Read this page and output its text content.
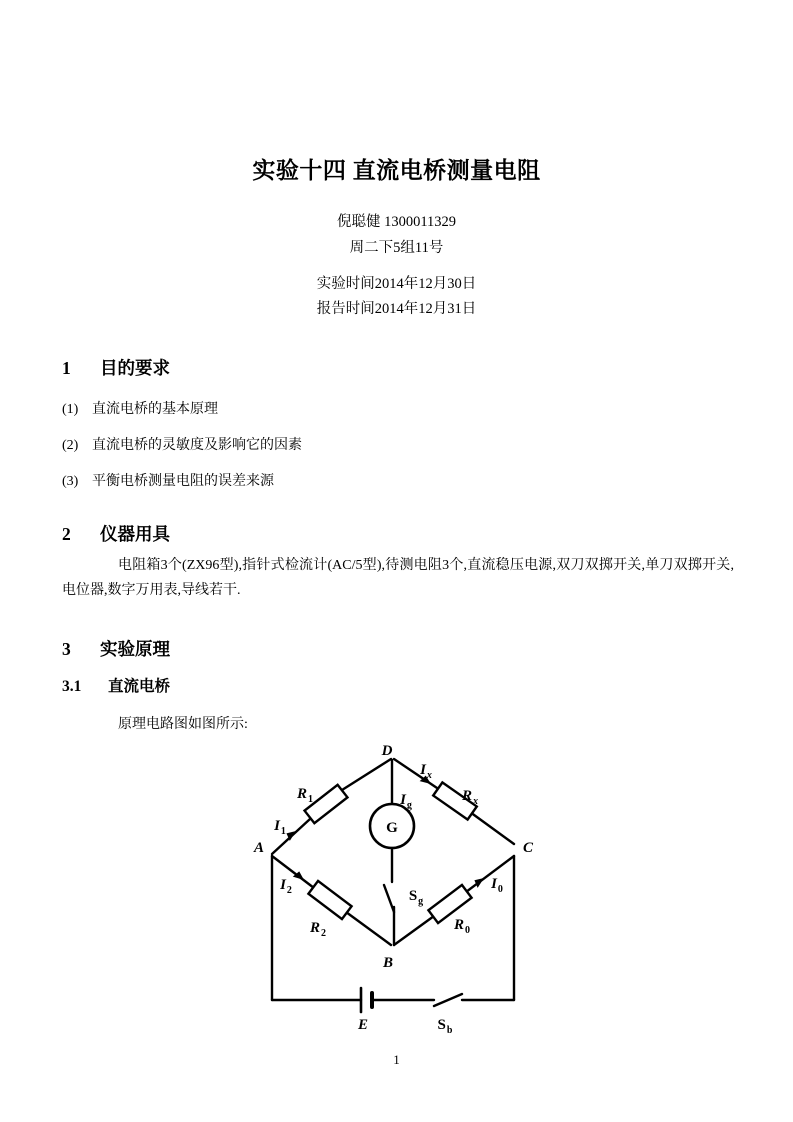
实验十四 直流电桥测量电阻
倪聪健 1300011329
周二下5组11号
实验时间2014年12月30日
报告时间2014年12月31日
1 目的要求
(1) 直流电桥的基本原理
(2) 直流电桥的灵敏度及影响它的因素
(3) 平衡电桥测量电阻的误差来源
2 仪器用具
电阻箱3个(ZX96型),指针式检流计(AC/5型),待测电阻3个,直流稳压电源,双刀双掷开关,单刀双掷开关,电位器,数字万用表,导线若干.
3 实验原理
3.1 直流电桥
原理电路图如图所示:
D
A	C
B
G
$R_1$	$R_x$
$R_2$
$R_0$
$I_1$
$I_2$
$I_x$
$I_0$
$I_g$
$S_g$
$S_b$
E
1
